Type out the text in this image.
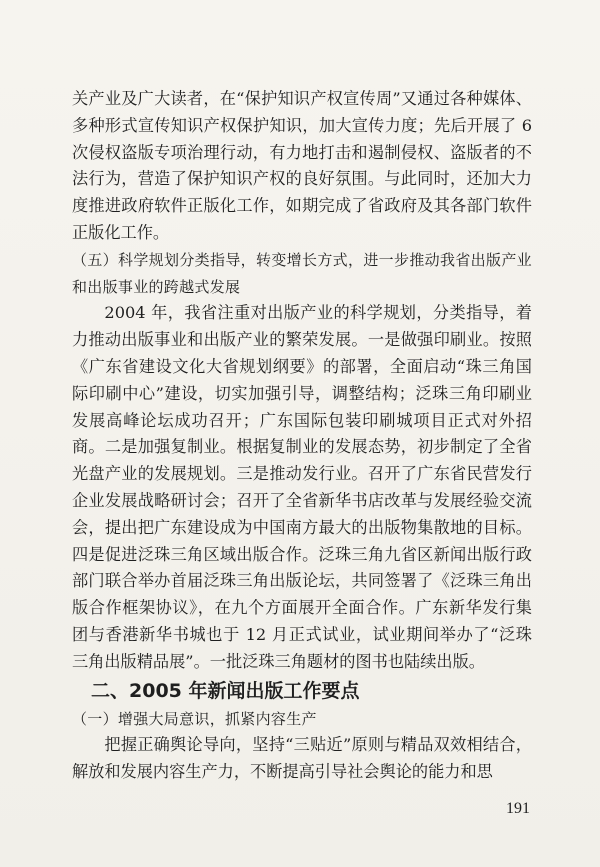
关产业及广大读者，在“保护知识产权宣传周”又通过各种媒体、多种形式宣传知识产权保护知识，加大宣传力度；先后开展了 6 次侵权盗版专项治理行动，有力地打击和遏制侵权、盗版者的不法行为，营造了保护知识产权的良好氛围。与此同时，还加大力度推进政府软件正版化工作，如期完成了省政府及其各部门软件正版化工作。

（五）科学规划分类指导，转变增长方式，进一步推动我省出版产业和出版事业的跨越式发展

2004 年，我省注重对出版产业的科学规划，分类指导，着力推动出版事业和出版产业的繁荣发展。一是做强印刷业。按照《广东省建设文化大省规划纲要》的部署，全面启动“珠三角国际印刷中心”建设，切实加强引导，调整结构；泛珠三角印刷业发展高峰论坛成功召开；广东国际包装印刷城项目正式对外招商。二是加强复制业。根据复制业的发展态势，初步制定了全省光盘产业的发展规划。三是推动发行业。召开了广东省民营发行企业发展战略研讨会；召开了全省新华书店改革与发展经验交流会，提出把广东建设成为中国南方最大的出版物集散地的目标。四是促进泛珠三角区域出版合作。泛珠三角九省区新闻出版行政部门联合举办首届泛珠三角出版论坛，共同签署了《泛珠三角出版合作框架协议》，在九个方面展开全面合作。广东新华发行集团与香港新华书城也于 12 月正式试业，试业期间举办了“泛珠三角出版精品展”。一批泛珠三角题材的图书也陆续出版。

二、2005 年新闻出版工作要点

（一）增强大局意识，抓紧内容生产

把握正确舆论导向，坚持“三贴近”原则与精品双效相结合，解放和发展内容生产力，不断提高引导社会舆论的能力和思

191
